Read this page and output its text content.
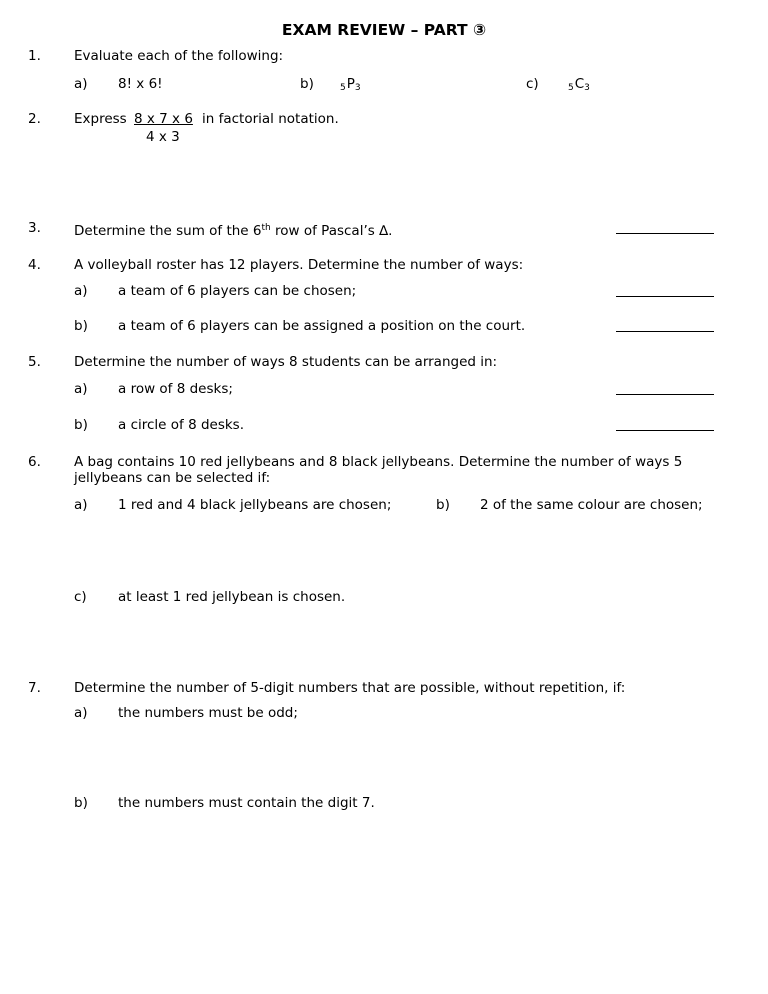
EXAM REVIEW – PART ③
1. Evaluate each of the following:
a) 8! x 6!	b)	$_5P_3$	c)	$_5C_3$
2. Express 8 x 7 x 6 in factorial notation.
4 x 3
3. Determine the sum of the 6th row of Pascal’s ∆.
4. A volleyball roster has 12 players. Determine the number of ways:
a) a team of 6 players can be chosen;
b) a team of 6 players can be assigned a position on the court.
5. Determine the number of ways 8 students can be arranged in:
a) a row of 8 desks;
b) a circle of 8 desks.
6. A bag contains 10 red jellybeans and 8 black jellybeans. Determine the number of ways 5 jellybeans can be selected if:
a) 1 red and 4 black jellybeans are chosen;	b) 2 of the same colour are chosen;
c) at least 1 red jellybean is chosen.
7. Determine the number of 5-digit numbers that are possible, without repetition, if:
a) the numbers must be odd;
b) the numbers must contain the digit 7.
